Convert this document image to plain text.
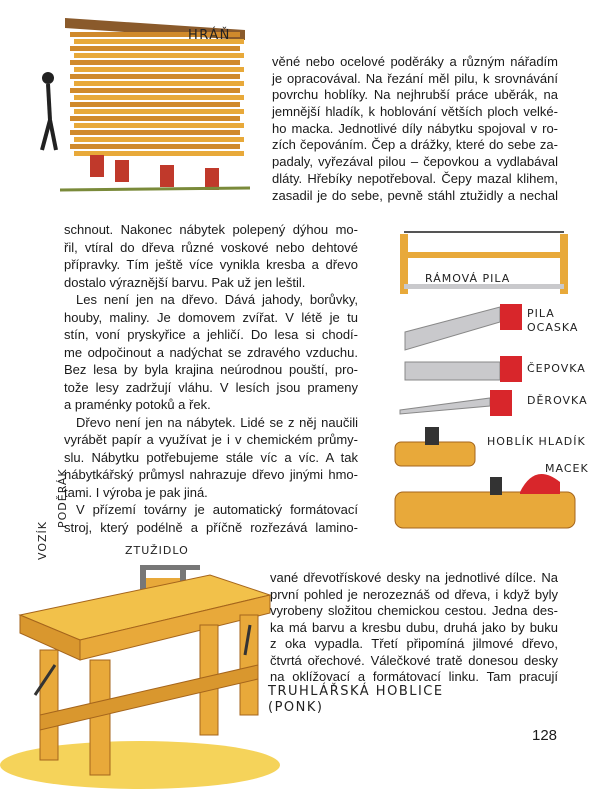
HRÁŇ
RÁMOVÁ PILA
PILA
OCASKA
ČEPOVKA
DĚROVKA
HOBLÍK HLADÍK
MACEK
VOZÍK
PODĚRÁK
ZTUŽIDLO
TRUHLÁŘSKÁ HOBLICE
(PONK)
věné nebo ocelové poděráky a různým nářadím
je opracovával. Na řezání měl pilu, k srovnávání
povrchu hoblíky. Na nejhrubší práce uběrák, na
jemnější hladík, k hoblování větších ploch velké-
ho macka. Jednotlivé díly nábytku spojoval v ro-
zích čepováním. Čep a drážky, které do sebe za-
padaly, vyřezával pilou – čepovkou a vydlabával
dláty. Hřebíky nepotřeboval. Čepy mazal klihem,
zasadil je do sebe, pevně stáhl ztužidly a nechal
schnout. Nakonec nábytek polepený dýhou mo-
řil, vtíral do dřeva různé voskové nebo dehtové
přípravky. Tím ještě více vynikla kresba a dřevo
dostalo výraznější barvu. Pak už jen leštil.
Les není jen na dřevo. Dává jahody, borůvky,
houby, maliny. Je domovem zvířat. V létě je tu
stín, voní pryskyřice a jehličí. Do lesa si chodí-
me odpočinout a nadýchat se zdravého vzduchu.
Bez lesa by byla krajina neúrodnou pouští, pro-
tože lesy zadržují vláhu. V lesích jsou prameny
a praménky potoků a řek.
Dřevo není jen na nábytek. Lidé se z něj naučili
vyrábět papír a využívat je i v chemickém průmy-
slu. Nábytku potřebujeme stále víc a víc. A tak
nábytkářský průmysl nahrazuje dřevo jinými hmo-
tami. I výroba je pak jiná.
V přízemí továrny je automatický formátovací
stroj, který podélně a příčně rozřezává lamino-
vané dřevotřískové desky na jednotlivé dílce. Na
první pohled je nerozeznáš od dřeva, i když byly
vyrobeny složitou chemickou cestou. Jedna des-
ka má barvu a kresbu dubu, druhá jako by buku
z oka vypadla. Třetí připomíná jilmové dřevo,
čtvrtá ořechové. Válečkové tratě donesou desky
na oklížovací a formátovací linku. Tam pracují
128
